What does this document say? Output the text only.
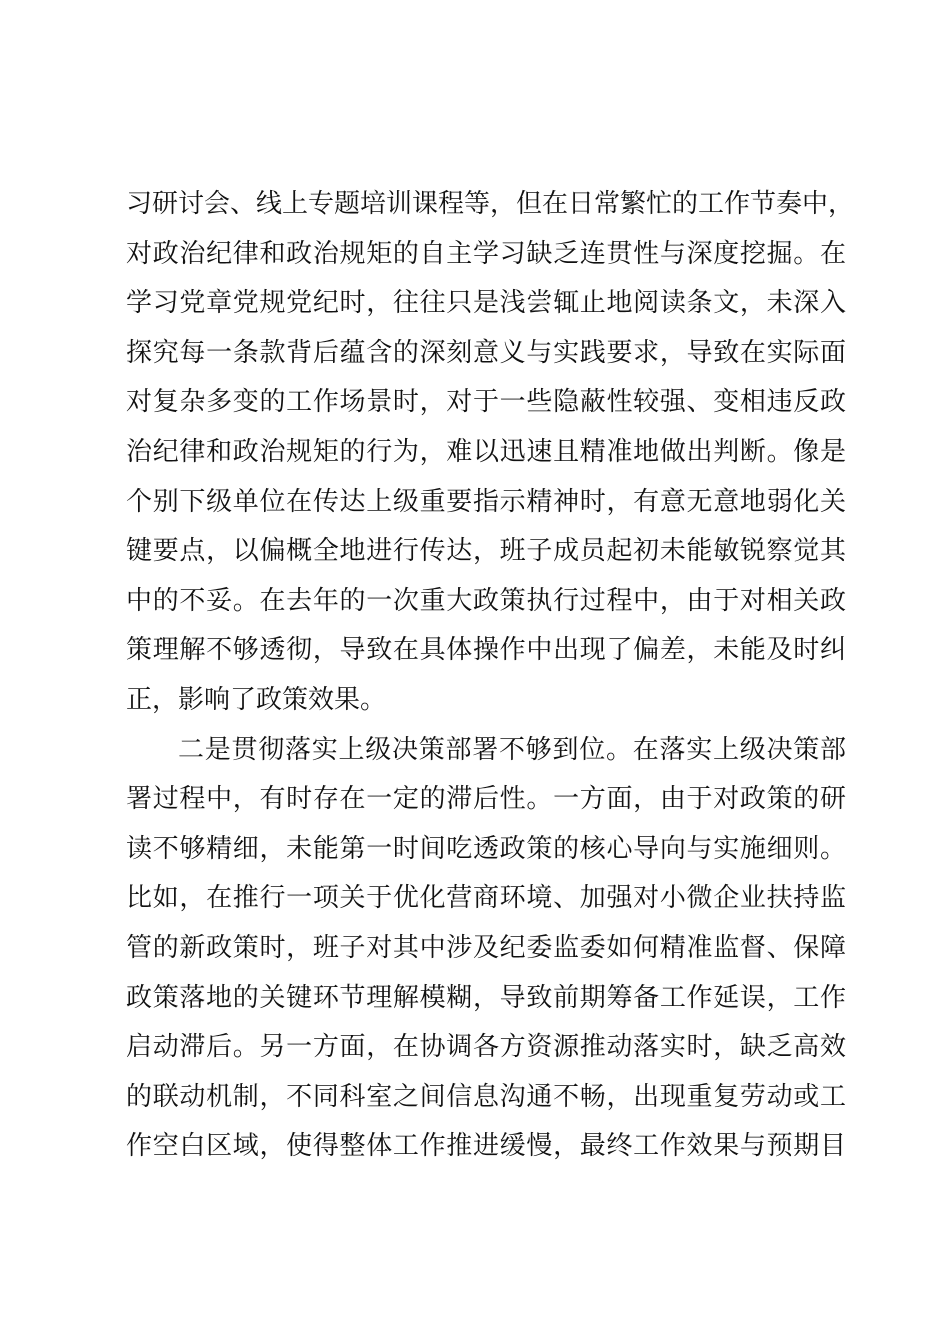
习研讨会、线上专题培训课程等，但在日常繁忙的工作节奏中，
对政治纪律和政治规矩的自主学习缺乏连贯性与深度挖掘。在
学习党章党规党纪时，往往只是浅尝辄止地阅读条文，未深入
探究每一条款背后蕴含的深刻意义与实践要求，导致在实际面
对复杂多变的工作场景时，对于一些隐蔽性较强、变相违反政
治纪律和政治规矩的行为，难以迅速且精准地做出判断。像是
个别下级单位在传达上级重要指示精神时，有意无意地弱化关
键要点，以偏概全地进行传达，班子成员起初未能敏锐察觉其
中的不妥。在去年的一次重大政策执行过程中，由于对相关政
策理解不够透彻，导致在具体操作中出现了偏差，未能及时纠
正，影响了政策效果。
二是贯彻落实上级决策部署不够到位。在落实上级决策部
署过程中，有时存在一定的滞后性。一方面，由于对政策的研
读不够精细，未能第一时间吃透政策的核心导向与实施细则。
比如，在推行一项关于优化营商环境、加强对小微企业扶持监
管的新政策时，班子对其中涉及纪委监委如何精准监督、保障
政策落地的关键环节理解模糊，导致前期筹备工作延误，工作
启动滞后。另一方面，在协调各方资源推动落实时，缺乏高效
的联动机制，不同科室之间信息沟通不畅，出现重复劳动或工
作空白区域，使得整体工作推进缓慢，最终工作效果与预期目
